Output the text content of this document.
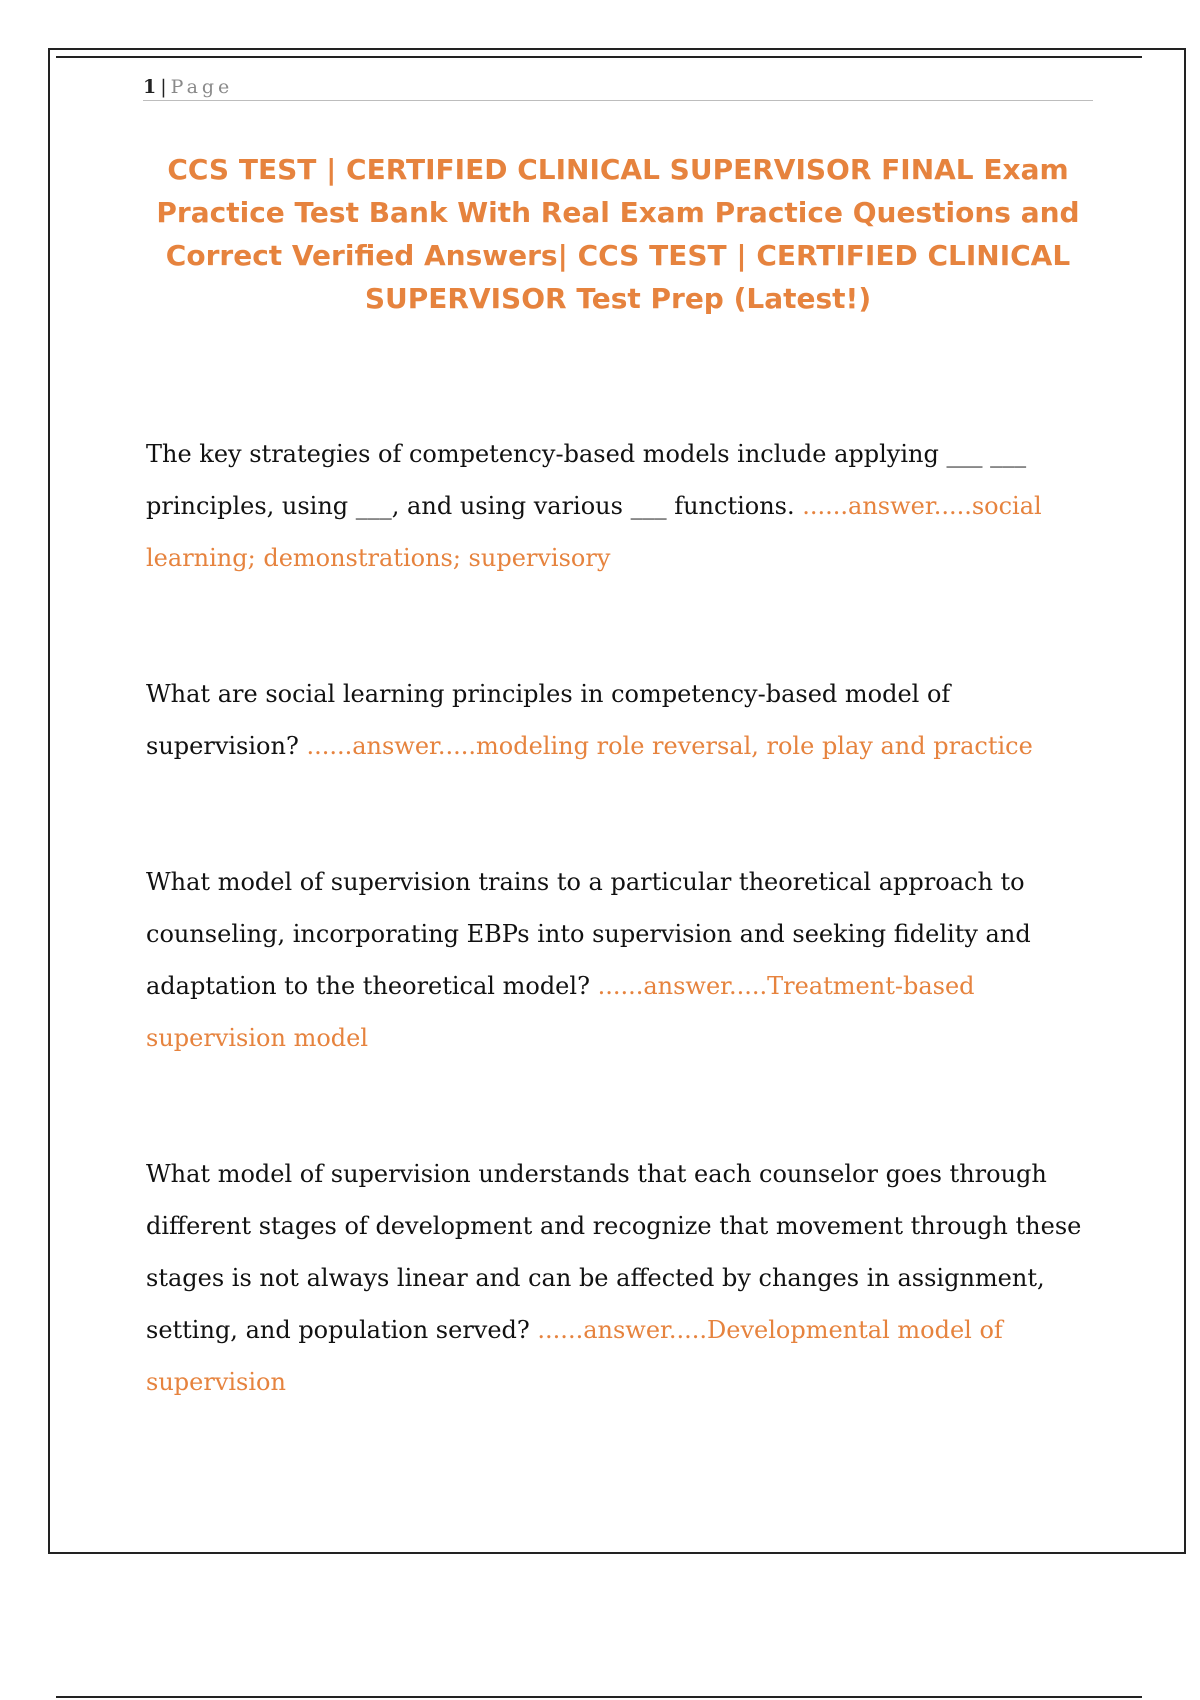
1 | Page
CCS TEST | CERTIFIED CLINICAL SUPERVISOR FINAL Exam Practice Test Bank With Real Exam Practice Questions and Correct Verified Answers| CCS TEST | CERTIFIED CLINICAL SUPERVISOR Test Prep (Latest!)

The key strategies of competency-based models include applying ___ ___ principles, using ___, and using various ___ functions. ......answer.....social learning; demonstrations; supervisory

What are social learning principles in competency-based model of supervision? ......answer.....modeling role reversal, role play and practice

What model of supervision trains to a particular theoretical approach to counseling, incorporating EBPs into supervision and seeking fidelity and adaptation to the theoretical model? ......answer.....Treatment-based supervision model

What model of supervision understands that each counselor goes through different stages of development and recognize that movement through these stages is not always linear and can be affected by changes in assignment, setting, and population served? ......answer.....Developmental model of supervision
